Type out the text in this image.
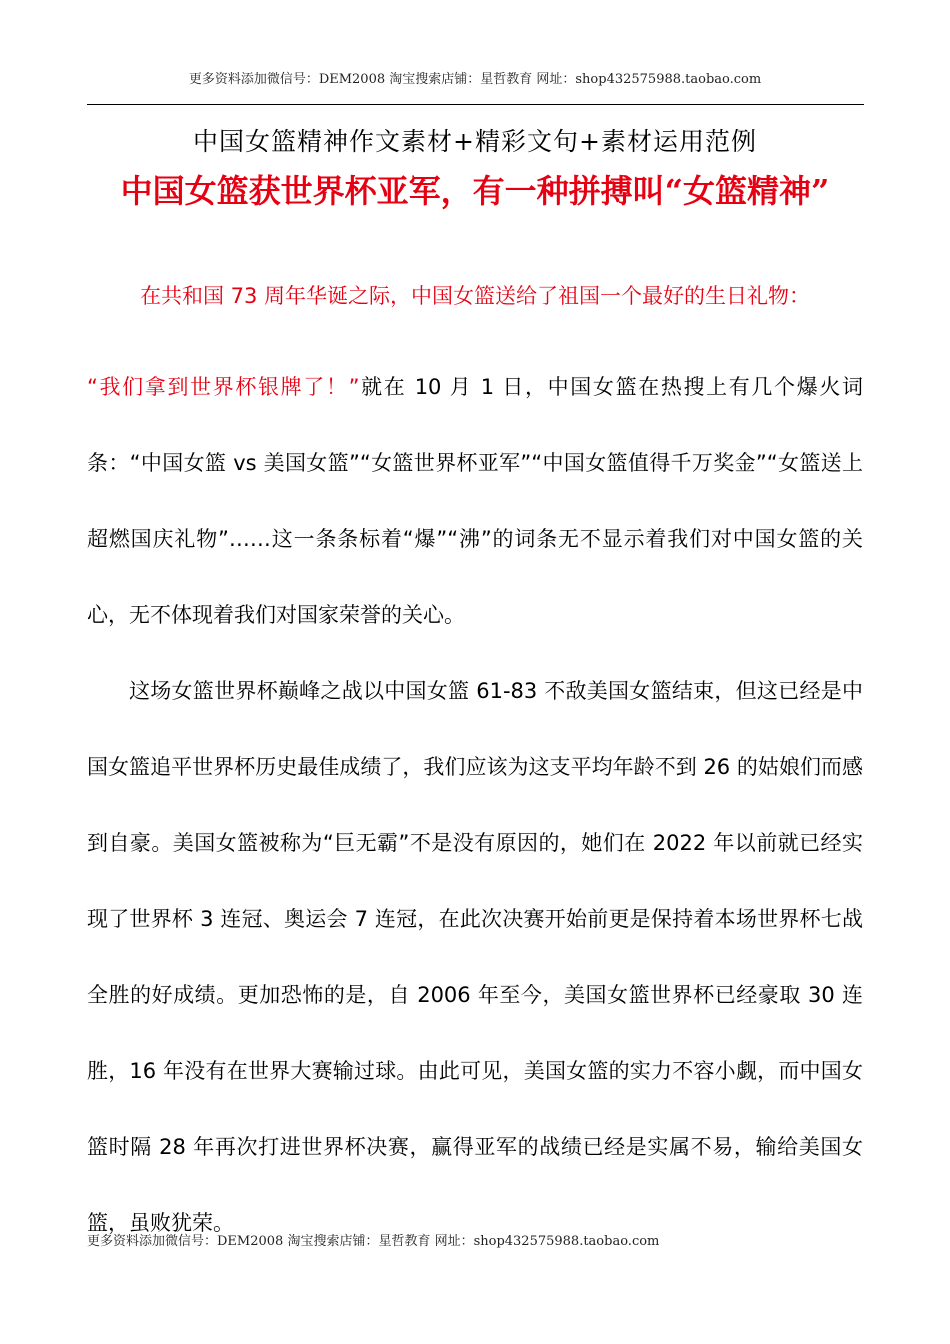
更多资料添加微信号：DEM2008 淘宝搜索店铺：星哲教育 网址：shop432575988.taobao.com
中国女篮精神作文素材+精彩文句+素材运用范例
中国女篮获世界杯亚军，有一种拼搏叫“女篮精神”
在共和国 73 周年华诞之际，中国女篮送给了祖国一个最好的生日礼物：

“我们拿到世界杯银牌了！”就在 10 月 1 日，中国女篮在热搜上有几个爆火词条：“中国女篮 vs 美国女篮”“女篮世界杯亚军”“中国女篮值得千万奖金”“女篮送上超燃国庆礼物”……这一条条标着“爆”“沸”的词条无不显示着我们对中国女篮的关心，无不体现着我们对国家荣誉的关心。

这场女篮世界杯巅峰之战以中国女篮 61-83 不敌美国女篮结束，但这已经是中国女篮追平世界杯历史最佳成绩了，我们应该为这支平均年龄不到 26 的姑娘们而感到自豪。美国女篮被称为“巨无霸”不是没有原因的，她们在 2022 年以前就已经实现了世界杯 3 连冠、奥运会 7 连冠，在此次决赛开始前更是保持着本场世界杯七战全胜的好成绩。更加恐怖的是，自 2006 年至今，美国女篮世界杯已经豪取 30 连胜，16 年没有在世界大赛输过球。由此可见，美国女篮的实力不容小觑，而中国女篮时隔 28 年再次打进世界杯决赛，赢得亚军的战绩已经是实属不易，输给美国女篮，虽败犹荣。

更多资料添加微信号：DEM2008 淘宝搜索店铺：星哲教育 网址：shop432575988.taobao.com
